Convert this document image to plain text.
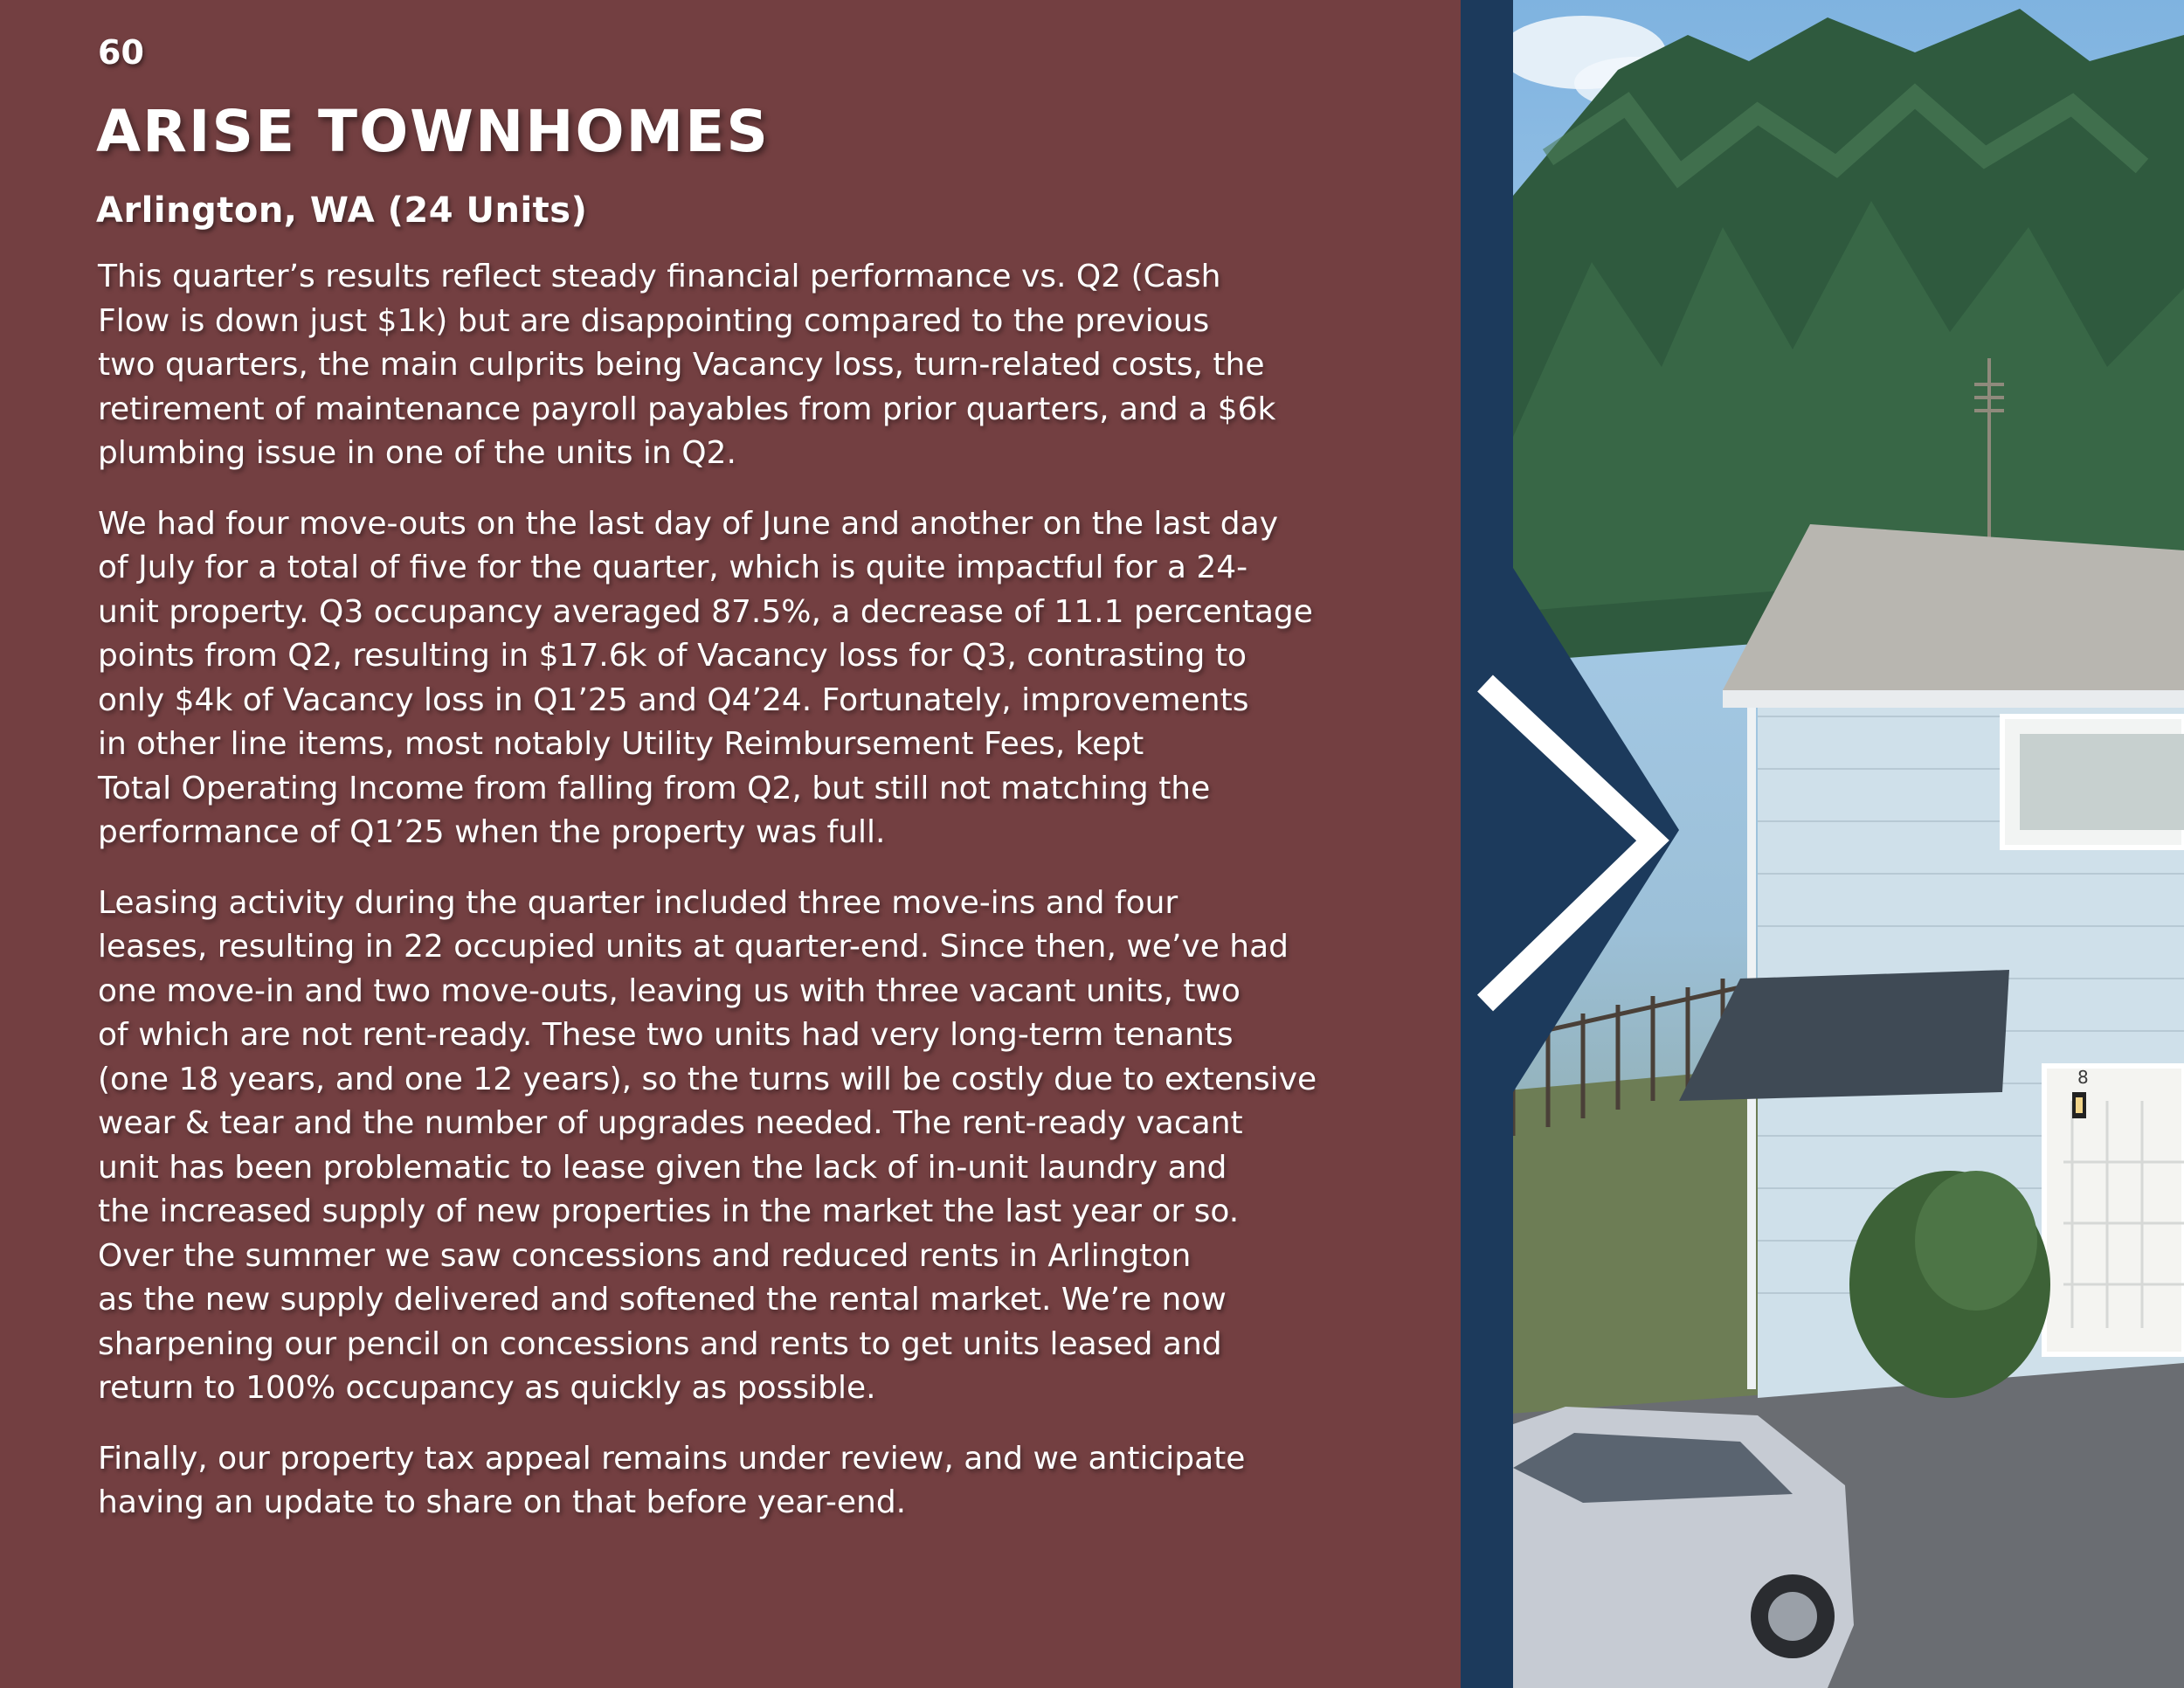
60
ARISE TOWNHOMES
Arlington, WA (24 Units)

This quarter’s results reflect steady financial performance vs. Q2 (Cash
Flow is down just $1k) but are disappointing compared to the previous
two quarters, the main culprits being Vacancy loss, turn-related costs, the
retirement of maintenance payroll payables from prior quarters, and a $6k
plumbing issue in one of the units in Q2.

We had four move-outs on the last day of June and another on the last day
of July for a total of five for the quarter, which is quite impactful for a 24-
unit property. Q3 occupancy averaged 87.5%, a decrease of 11.1 percentage
points from Q2, resulting in $17.6k of Vacancy loss for Q3, contrasting to
only $4k of Vacancy loss in Q1’25 and Q4’24. Fortunately, improvements
in other line items, most notably Utility Reimbursement Fees, kept
Total Operating Income from falling from Q2, but still not matching the
performance of Q1’25 when the property was full.

Leasing activity during the quarter included three move-ins and four
leases, resulting in 22 occupied units at quarter-end. Since then, we’ve had
one move-in and two move-outs, leaving us with three vacant units, two
of which are not rent-ready. These two units had very long-term tenants
(one 18 years, and one 12 years), so the turns will be costly due to extensive
wear & tear and the number of upgrades needed. The rent-ready vacant
unit has been problematic to lease given the lack of in-unit laundry and
the increased supply of new properties in the market the last year or so.
Over the summer we saw concessions and reduced rents in Arlington
as the new supply delivered and softened the rental market. We’re now
sharpening our pencil on concessions and rents to get units leased and
return to 100% occupancy as quickly as possible.

Finally, our property tax appeal remains under review, and we anticipate
having an update to share on that before year-end.

8
